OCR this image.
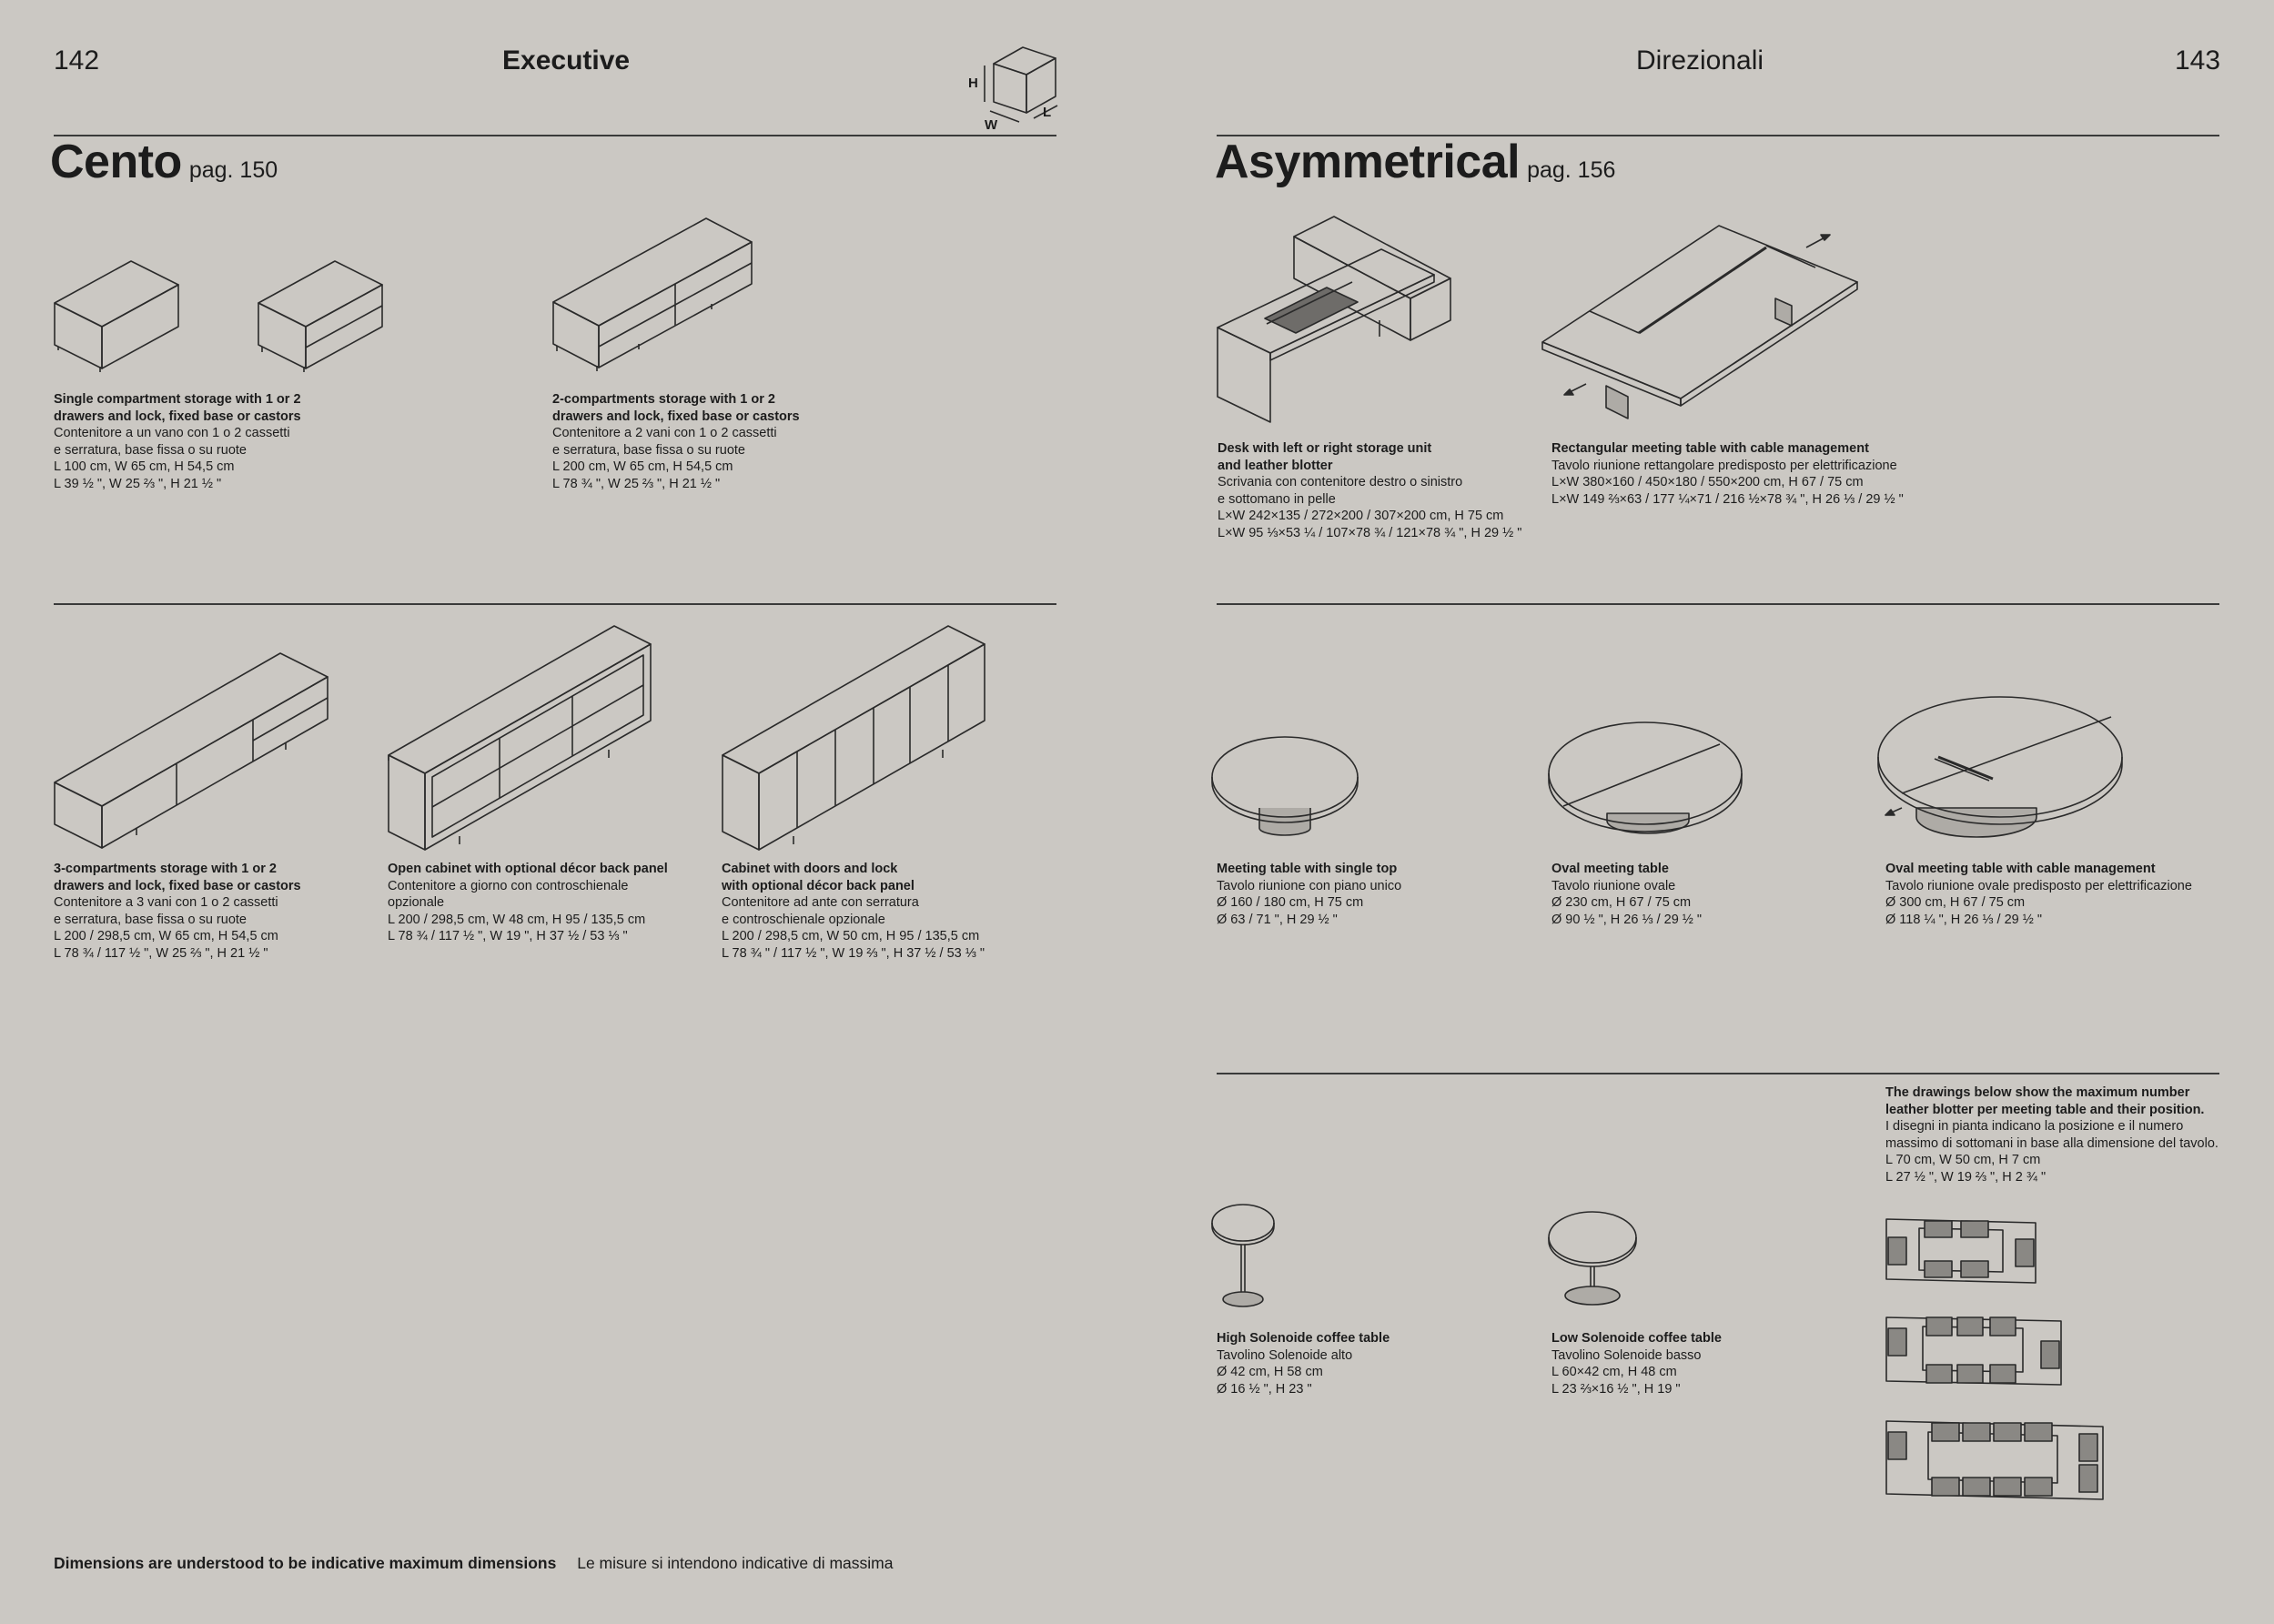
142	Executive	Direzionali	143
H
W
L
Cento pag. 150	Asymmetrical pag. 156
Single compartment storage with 1 or 2
drawers and lock, fixed base or castors
Contenitore a un vano con 1 o 2 cassetti
e serratura, base fissa o su ruote
L 100 cm, W 65 cm, H 54,5 cm
L 39 ½ ", W 25 ⅔ ", H 21 ½ "
2-compartments storage with 1 or 2
drawers and lock, fixed base or castors
Contenitore a 2 vani con 1 o 2 cassetti
e serratura, base fissa o su ruote
L 200 cm, W 65 cm, H 54,5 cm
L 78 ¾ ", W 25 ⅔ ", H 21 ½ "
3-compartments storage with 1 or 2
drawers and lock, fixed base or castors
Contenitore a 3 vani con 1 o 2 cassetti
e serratura, base fissa o su ruote
L 200 / 298,5 cm, W 65 cm, H 54,5 cm
L 78 ¾ / 117 ½ ", W 25 ⅔ ", H 21 ½ "
Open cabinet with optional décor back panel
Contenitore a giorno con controschienale
opzionale
L 200 / 298,5 cm, W 48 cm, H 95 / 135,5 cm
L 78 ¾ / 117 ½ ", W 19 ", H 37 ½ / 53 ⅓ "
Cabinet with doors and lock
with optional décor back panel
Contenitore ad ante con serratura
e controschienale opzionale
L 200 / 298,5 cm, W 50 cm, H 95 / 135,5 cm
L 78 ¾ " / 117 ½ ", W 19 ⅔ ", H 37 ½ / 53 ⅓ "
Desk with left or right storage unit
and leather blotter
Scrivania con contenitore destro o sinistro
e sottomano in pelle
L×W 242×135 / 272×200 / 307×200 cm, H 75 cm
L×W 95 ⅓×53 ¼ / 107×78 ¾ / 121×78 ¾ ", H 29 ½ "
Rectangular meeting table with cable management
Tavolo riunione rettangolare predisposto per elettrificazione
L×W 380×160 / 450×180 / 550×200 cm, H 67 / 75 cm
L×W 149 ⅔×63 / 177 ¼×71 / 216 ½×78 ¾ ", H 26 ⅓ / 29 ½ "
Meeting table with single top
Tavolo riunione con piano unico
Ø 160 / 180 cm, H 75 cm
Ø 63 / 71 ", H 29 ½ "
Oval meeting table
Tavolo riunione ovale
Ø 230 cm, H 67 / 75 cm
Ø 90 ½ ", H 26 ⅓ / 29 ½ "
Oval meeting table with cable management
Tavolo riunione ovale predisposto per elettrificazione
Ø 300 cm, H 67 / 75 cm
Ø 118 ¼ ", H 26 ⅓ / 29 ½ "
The drawings below show the maximum number
leather blotter per meeting table and their position.
I disegni in pianta indicano la posizione e il numero
massimo di sottomani in base alla dimensione del tavolo.
L 70 cm, W 50 cm, H 7 cm
L 27 ½ ", W 19 ⅔ ", H 2 ¾ "
High Solenoide coffee table
Tavolino Solenoide alto
Ø 42 cm, H 58 cm
Ø 16 ½ ", H 23 "
Low Solenoide coffee table
Tavolino Solenoide basso
L 60×42 cm, H 48 cm
L 23 ⅔×16 ½ ", H 19 "
Dimensions are understood to be indicative maximum dimensions Le misure si intendono indicative di massima
